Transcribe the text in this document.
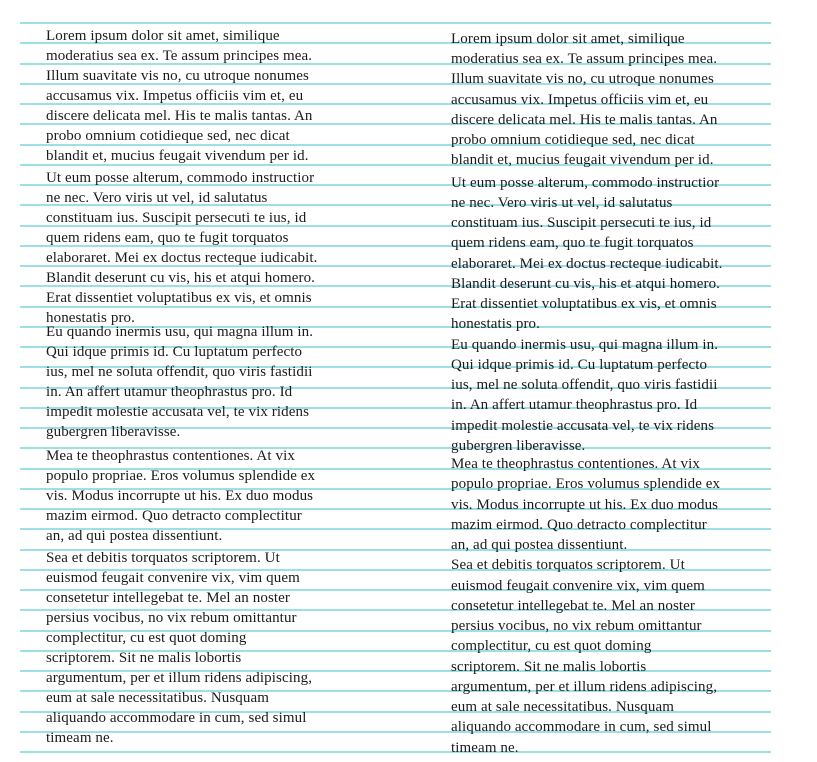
Lorem ipsum dolor sit amet, similique
moderatius sea ex. Te assum principes mea.
Illum suavitate vis no, cu utroque nonumes
accusamus vix. Impetus officiis vim et, eu
discere delicata mel. His te malis tantas. An
probo omnium cotidieque sed, nec dicat
blandit et, mucius feugait vivendum per id.
Ut eum posse alterum, commodo instructior
ne nec. Vero viris ut vel, id salutatus
constituam ius. Suscipit persecuti te ius, id
quem ridens eam, quo te fugit torquatos
elaboraret. Mei ex doctus recteque iudicabit.
Blandit deserunt cu vis, his et atqui homero.
Erat dissentiet voluptatibus ex vis, et omnis
honestatis pro.
Eu quando inermis usu, qui magna illum in.
Qui idque primis id. Cu luptatum perfecto
ius, mel ne soluta offendit, quo viris fastidii
in. An affert utamur theophrastus pro. Id
impedit molestie accusata vel, te vix ridens
gubergren liberavisse.
Mea te theophrastus contentiones. At vix
populo propriae. Eros volumus splendide ex
vis. Modus incorrupte ut his. Ex duo modus
mazim eirmod. Quo detracto complectitur
an, ad qui postea dissentiunt.
Sea et debitis torquatos scriptorem. Ut
euismod feugait convenire vix, vim quem
consetetur intellegebat te. Mel an noster
persius vocibus, no vix rebum omittantur
complectitur, cu est quot doming
scriptorem. Sit ne malis lobortis
argumentum, per et illum ridens adipiscing,
eum at sale necessitatibus. Nusquam
aliquando accommodare in cum, sed simul
timeam ne.
Lorem ipsum dolor sit amet, similique
moderatius sea ex. Te assum principes mea.
Illum suavitate vis no, cu utroque nonumes
accusamus vix. Impetus officiis vim et, eu
discere delicata mel. His te malis tantas. An
probo omnium cotidieque sed, nec dicat
blandit et, mucius feugait vivendum per id.
Ut eum posse alterum, commodo instructior
ne nec. Vero viris ut vel, id salutatus
constituam ius. Suscipit persecuti te ius, id
quem ridens eam, quo te fugit torquatos
elaboraret. Mei ex doctus recteque iudicabit.
Blandit deserunt cu vis, his et atqui homero.
Erat dissentiet voluptatibus ex vis, et omnis
honestatis pro.
Eu quando inermis usu, qui magna illum in.
Qui idque primis id. Cu luptatum perfecto
ius, mel ne soluta offendit, quo viris fastidii
in. An affert utamur theophrastus pro. Id
impedit molestie accusata vel, te vix ridens
gubergren liberavisse.
Mea te theophrastus contentiones. At vix
populo propriae. Eros volumus splendide ex
vis. Modus incorrupte ut his. Ex duo modus
mazim eirmod. Quo detracto complectitur
an, ad qui postea dissentiunt.
Sea et debitis torquatos scriptorem. Ut
euismod feugait convenire vix, vim quem
consetetur intellegebat te. Mel an noster
persius vocibus, no vix rebum omittantur
complectitur, cu est quot doming
scriptorem. Sit ne malis lobortis
argumentum, per et illum ridens adipiscing,
eum at sale necessitatibus. Nusquam
aliquando accommodare in cum, sed simul
timeam ne.
